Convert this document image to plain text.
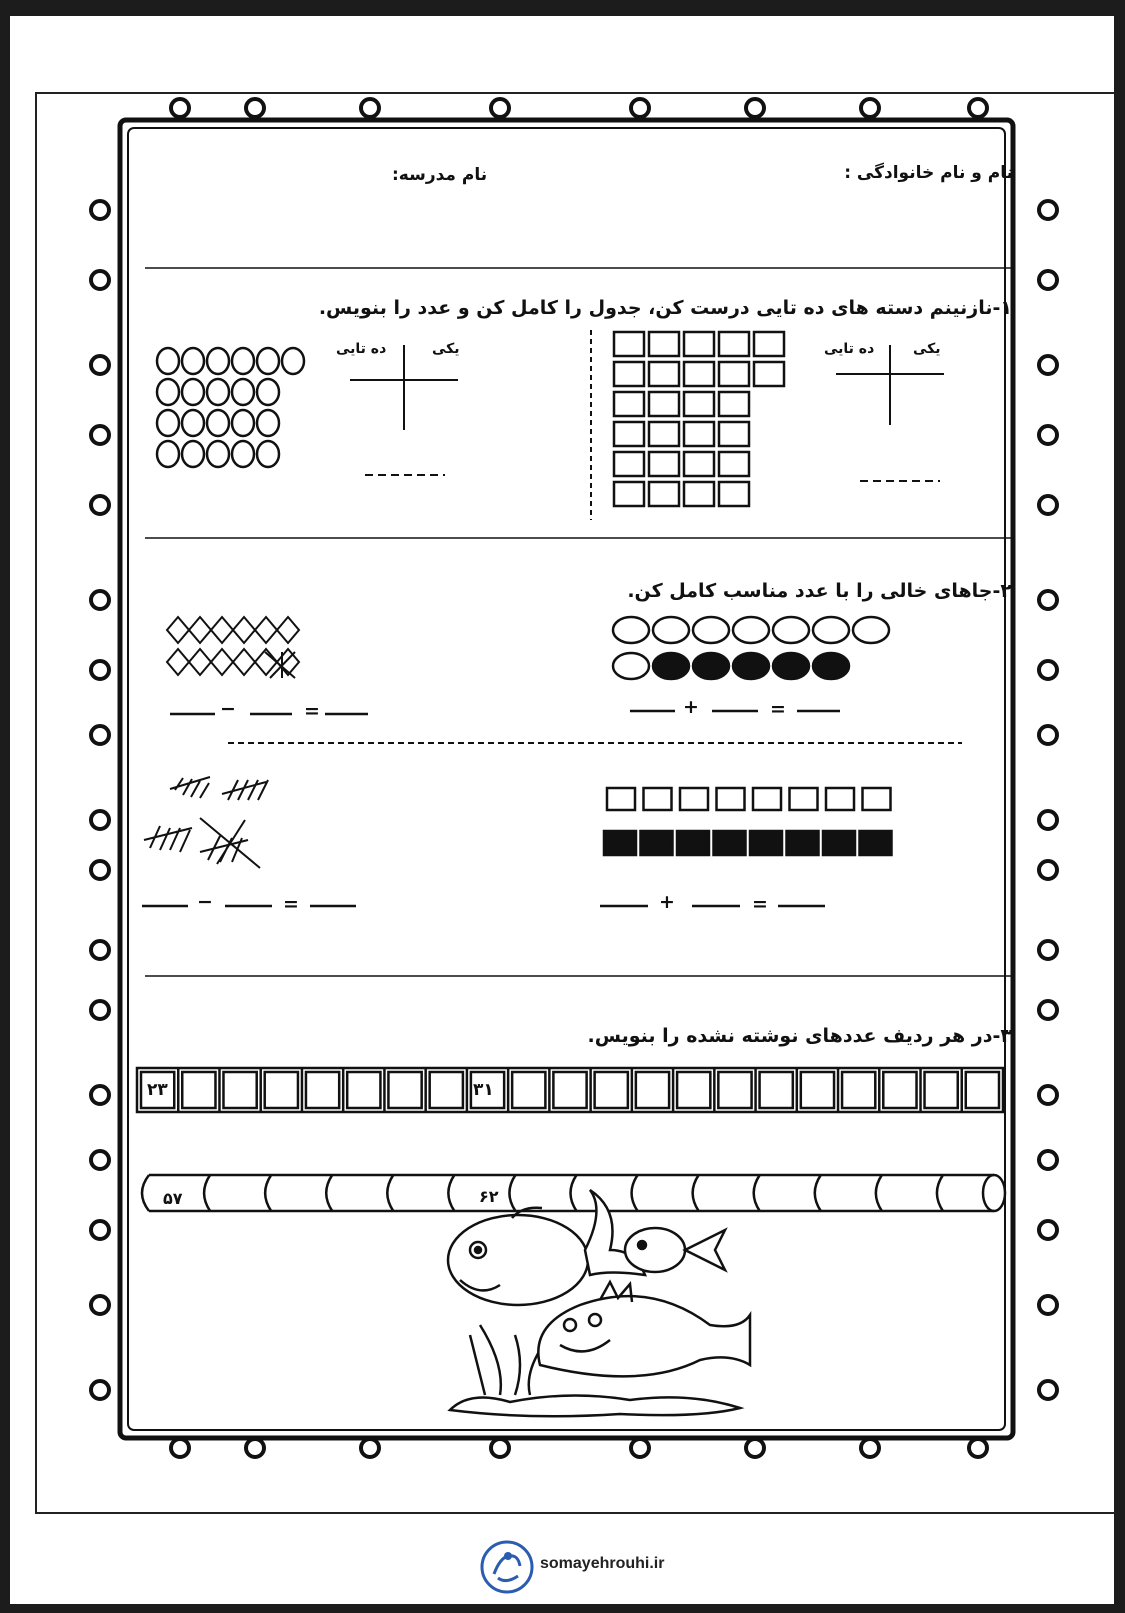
نام و نام خانوادگی :
نام مدرسه:
۱-نازنینم دسته های ده تایی درست کن، جدول را کامل کن و عدد را بنویس.
یکی
ده تایی	یکی
ده تایی
۲-جاهای خالی را با عدد مناسب کامل کن.
−	=	+	=
−	=	+	=
۳-در هر ردیف عددهای نوشته نشده را بنویس.
۲۳	۳۱
۵۷	۶۲
somayehrouhi.ir
